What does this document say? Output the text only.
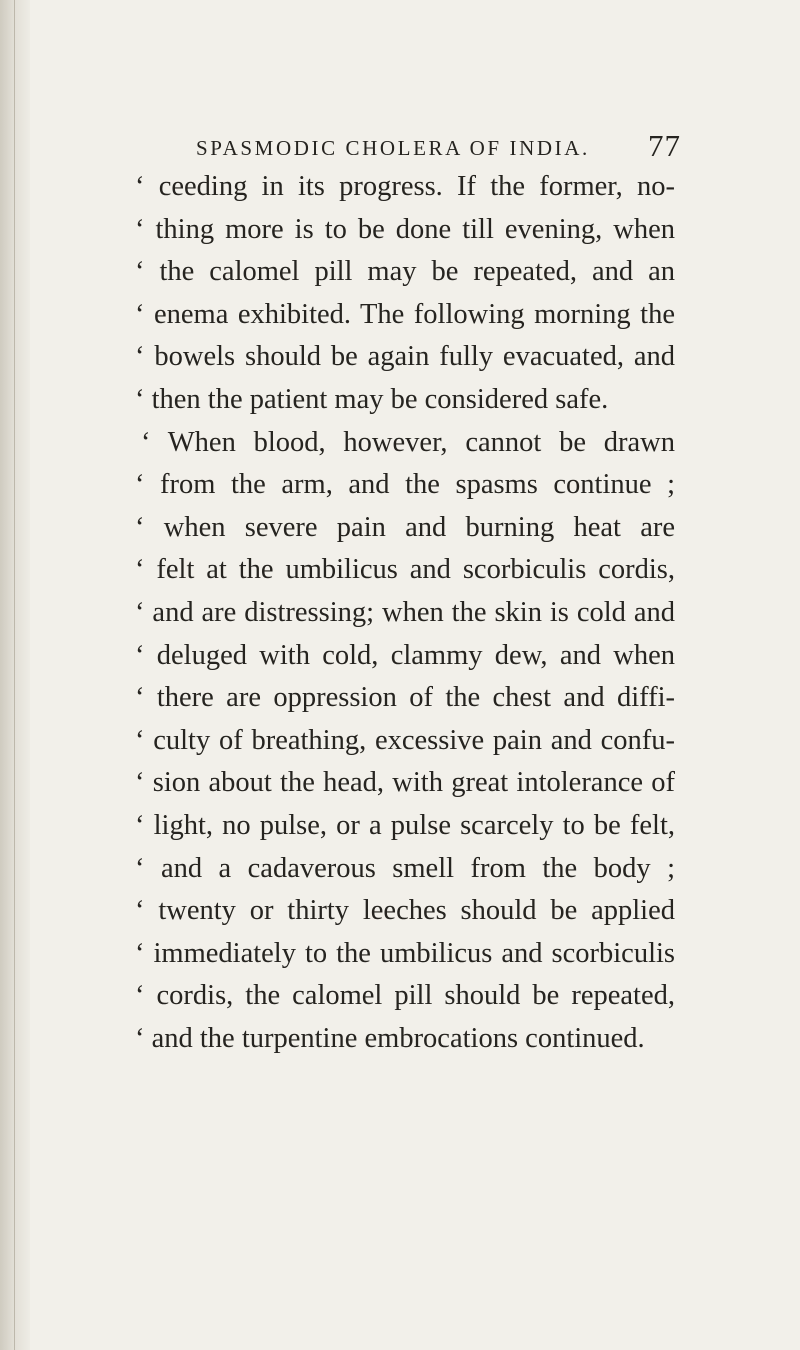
SPASMODIC CHOLERA OF INDIA. 77
‘ ceeding in its progress. If the former, no-
‘ thing more is to be done till evening, when
‘ the calomel pill may be repeated, and an
‘ enema exhibited. The following morning the
‘ bowels should be again fully evacuated, and
‘ then the patient may be considered safe.
‘ When blood, however, cannot be drawn
‘ from the arm, and the spasms continue ;
‘ when severe pain and burning heat are
‘ felt at the umbilicus and scorbiculis cordis,
‘ and are distressing; when the skin is cold and
‘ deluged with cold, clammy dew, and when
‘ there are oppression of the chest and diffi-
‘ culty of breathing, excessive pain and confu-
‘ sion about the head, with great intolerance of
‘ light, no pulse, or a pulse scarcely to be felt,
‘ and a cadaverous smell from the body ;
‘ twenty or thirty leeches should be applied
‘ immediately to the umbilicus and scorbiculis
‘ cordis, the calomel pill should be repeated,
‘ and the turpentine embrocations continued.
